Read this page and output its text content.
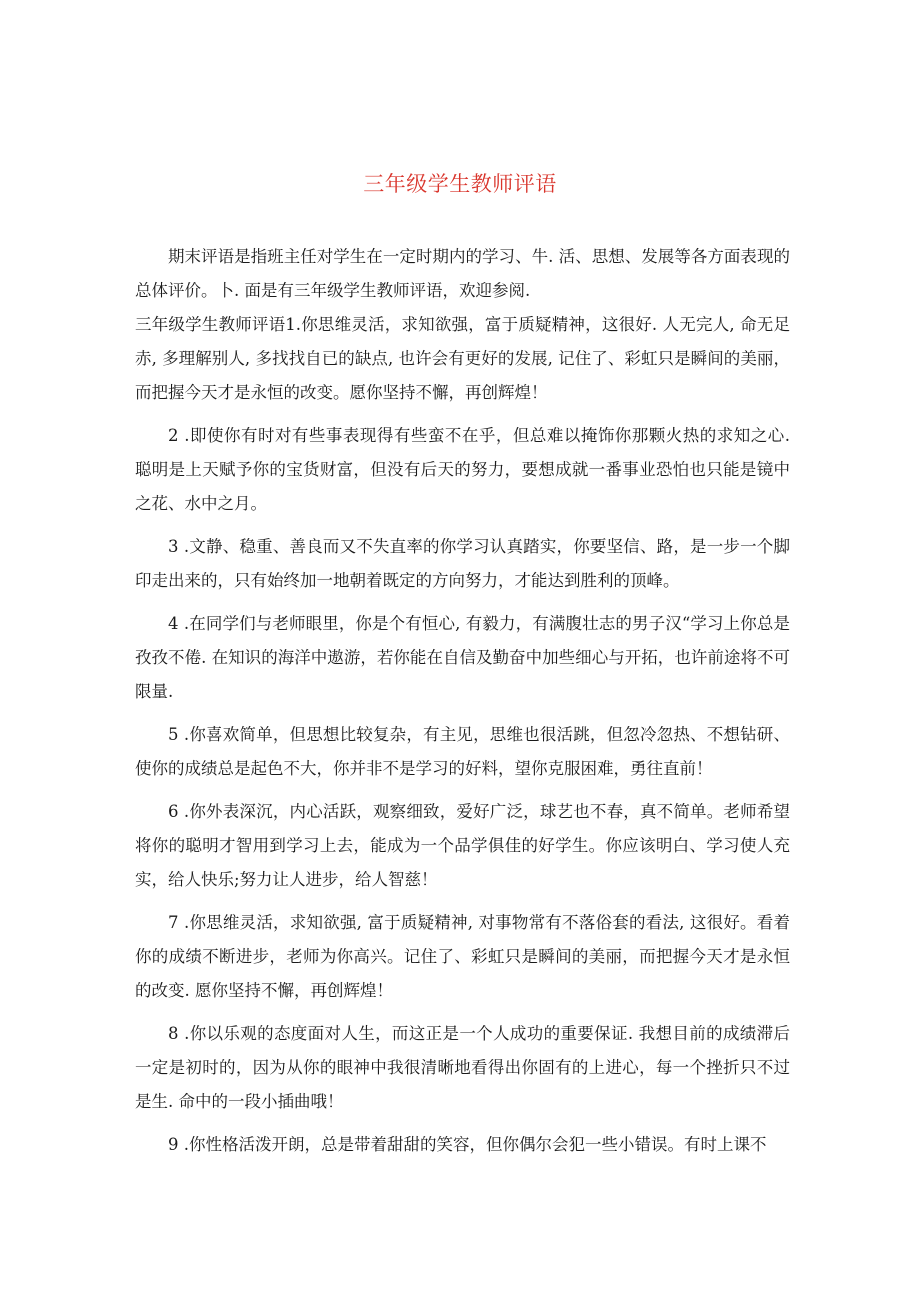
三年级学生教师评语

期末评语是指班主任对学生在一定时期内的学习、牛. 活、思想、发展等各方面表现的总体评价。卜. 面是有三年级学生教师评语，欢迎参阅.

三年级学生教师评语1.你思维灵活，求知欲强，富于质疑精神，这很好. 人无完人, 命无足赤, 多理解别人, 多找找自已的缺点, 也许会有更好的发展, 记住了、彩虹只是瞬间的美丽，而把握今天才是永恒的改变。愿你坚持不懈，再创辉煌！

2 .即使你有时对有些事表现得有些蛮不在乎，但总难以掩饰你那颗火热的求知之心. 聪明是上天赋予你的宝货财富，但没有后天的努力，要想成就一番事业恐怕也只能是镜中之花、水中之月。

3 .文静、稳重、善良而又不失直率的你学习认真踏实，你要坚信、路，是一步一个脚印走出来的，只有始终加一地朝着既定的方向努力，才能达到胜利的顶峰。

4 .在同学们与老师眼里，你是个有恒心, 有毅力，有满腹壮志的男子汉“学习上你总是孜孜不倦. 在知识的海洋中遨游，若你能在自信及勤奋中加些细心与开拓，也许前途将不可限量.

5 .你喜欢简单，但思想比较复杂，有主见，思维也很活跳，但忽冷忽热、不想钻研、使你的成绩总是起色不大，你并非不是学习的好料，望你克服困难，勇往直前！

6 .你外表深沉，内心活跃，观察细致，爱好广泛，球艺也不春，真不简单。老师希望将你的聪明才智用到学习上去，能成为一个品学俱佳的好学生。你应该明白、学习使人充实，给人快乐;努力让人进步，给人智慈！

7 .你思维灵活，求知欲强, 富于质疑精神, 对事物常有不落俗套的看法, 这很好。看着你的成绩不断进步，老师为你高兴。记住了、彩虹只是瞬间的美丽，而把握今天才是永恒的改变. 愿你坚持不懈，再创辉煌！

8 .你以乐观的态度面对人生，而这正是一个人成功的重要保证. 我想目前的成绩滞后一定是初时的，因为从你的眼神中我很清晰地看得出你固有的上进心，每一个挫折只不过是生. 命中的一段小插曲哦！

9 .你性格活泼开朗，总是带着甜甜的笑容，但你偶尔会犯一些小错误。有时上课不
